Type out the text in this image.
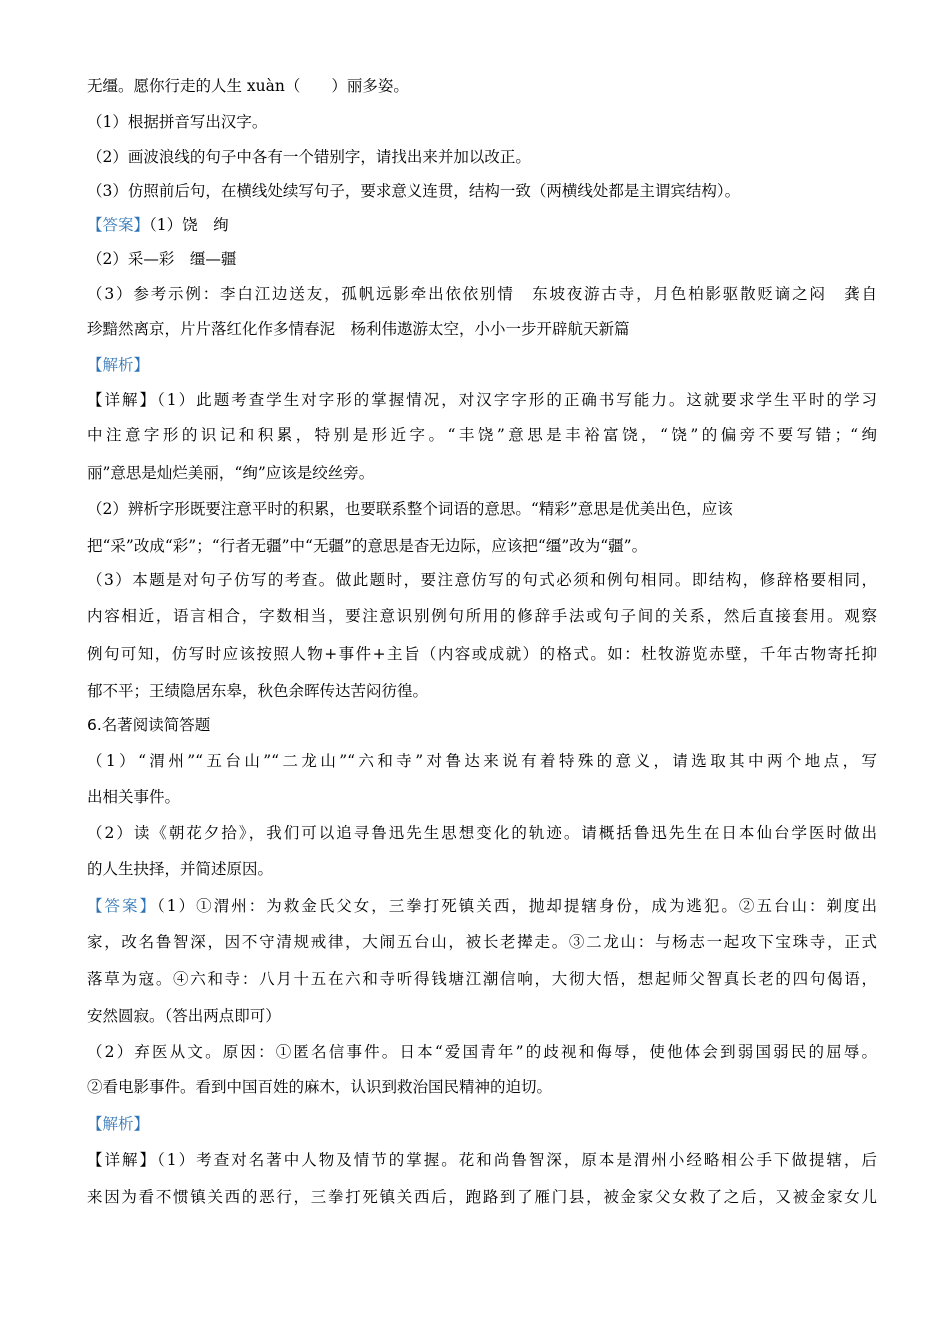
无缰。愿你行走的人生 xuàn（　　）丽多姿。
（1）根据拼音写出汉字。
（2）画波浪线的句子中各有一个错别字，请找出来并加以改正。
（3）仿照前后句，在横线处续写句子，要求意义连贯，结构一致（两横线处都是主谓宾结构）。
【答案】（1）饶　绚
（2）采—彩　缰—疆
（3）参考示例：李白江边送友，孤帆远影牵出依依别情　东坡夜游古寺，月色柏影驱散贬谪之闷　龚自
珍黯然离京，片片落红化作多情春泥　杨利伟遨游太空，小小一步开辟航天新篇
【解析】
【详解】（1）此题考查学生对字形的掌握情况，对汉字字形的正确书写能力。这就要求学生平时的学习
中注意字形的识记和积累，特别是形近字。“丰饶”意思是丰裕富饶，“饶”的偏旁不要写错；“绚
丽”意思是灿烂美丽，“绚”应该是绞丝旁。
（2）辨析字形既要注意平时的积累，也要联系整个词语的意思。“精彩”意思是优美出色，应该
把“采”改成“彩”；“行者无疆”中“无疆”的意思是杳无边际，应该把“缰”改为“疆”。
（3）本题是对句子仿写的考查。做此题时，要注意仿写的句式必须和例句相同。即结构，修辞格要相同，
内容相近，语言相合，字数相当，要注意识别例句所用的修辞手法或句子间的关系，然后直接套用。观察
例句可知，仿写时应该按照人物+事件+主旨（内容或成就）的格式。如：杜牧游览赤壁，千年古物寄托抑
郁不平；王绩隐居东皋，秋色余晖传达苦闷彷徨。
6.名著阅读简答题
（1）“渭州”“五台山”“二龙山”“六和寺”对鲁达来说有着特殊的意义，请选取其中两个地点，写
出相关事件。
（2）读《朝花夕拾》，我们可以追寻鲁迅先生思想变化的轨迹。请概括鲁迅先生在日本仙台学医时做出
的人生抉择，并简述原因。
【答案】（1）①渭州：为救金氏父女，三拳打死镇关西，抛却提辖身份，成为逃犯。②五台山：剃度出
家，改名鲁智深，因不守清规戒律，大闹五台山，被长老撵走。③二龙山：与杨志一起攻下宝珠寺，正式
落草为寇。④六和寺：八月十五在六和寺听得钱塘江潮信响，大彻大悟，想起师父智真长老的四句偈语，
安然圆寂。（答出两点即可）
（2）弃医从文。原因：①匿名信事件。日本“爱国青年”的歧视和侮辱，使他体会到弱国弱民的屈辱。
②看电影事件。看到中国百姓的麻木，认识到救治国民精神的迫切。
【解析】
【详解】（1）考查对名著中人物及情节的掌握。花和尚鲁智深，原本是渭州小经略相公手下做提辖，后
来因为看不惯镇关西的恶行，三拳打死镇关西后，跑路到了雁门县，被金家父女救了之后，又被金家女儿
